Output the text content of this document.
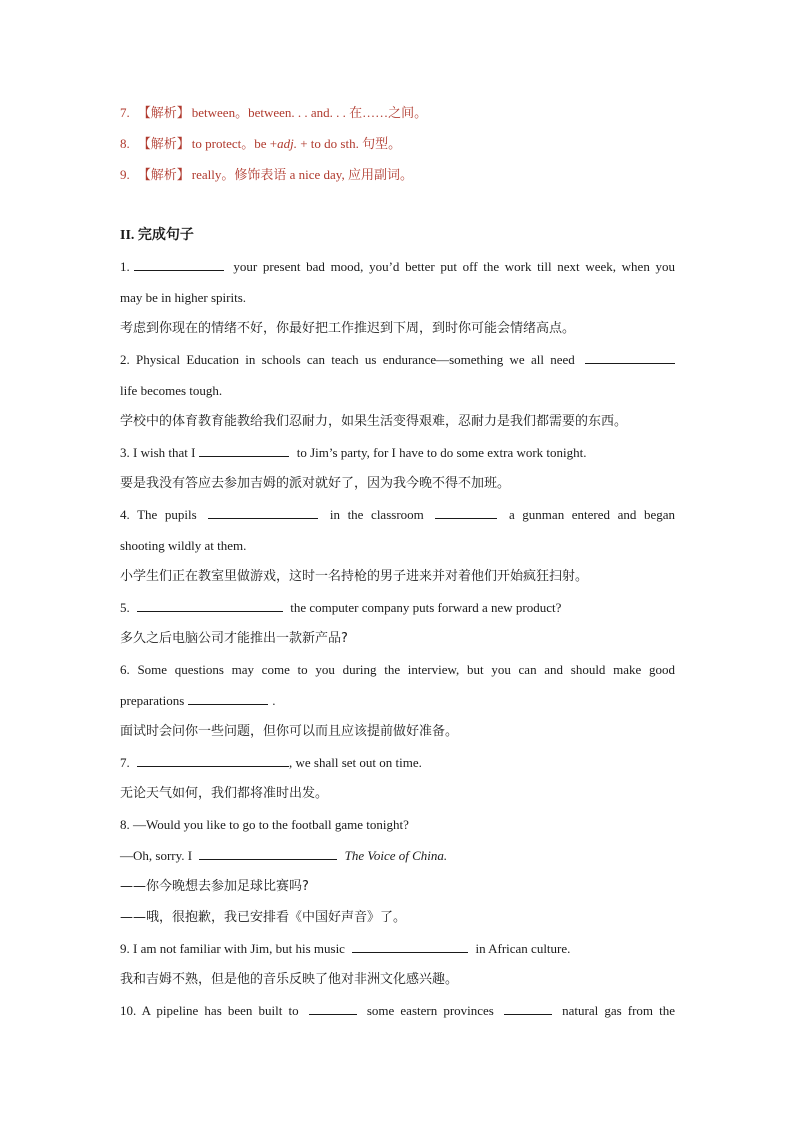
7. 【解析】 between。between. . . and. . . 在……之间。
8. 【解析】 to protect。be +adj. + to do sth. 句型。
9. 【解析】 really。修饰表语 a nice day, 应用副词。
II. 完成句子
1.	your present bad mood, you’d better put off the work till next week, when you
may be in higher spirits.
考虑到你现在的情绪不好，你最好把工作推迟到下周，到时你可能会情绪高点。
2. Physical Education in schools can teach us endurance—something we all need
life becomes tough.
学校中的体育教育能教给我们忍耐力，如果生活变得艰难，忍耐力是我们都需要的东西。
3. I wish that I	to Jim’s party, for I have to do some extra work tonight.
要是我没有答应去参加吉姆的派对就好了，因为我今晚不得不加班。
4. The pupils	in the classroom	a gunman entered and began
shooting wildly at them.
小学生们正在教室里做游戏，这时一名持枪的男子进来并对着他们开始疯狂扫射。
5.	the computer company puts forward a new product?
多久之后电脑公司才能推出一款新产品?
6. Some questions may come to you during the interview, but you can and should make good
preparations	.
面试时会问你一些问题，但你可以而且应该提前做好准备。
7.	, we shall set out on time.
无论天气如何，我们都将准时出发。
8. —Would you like to go to the football game tonight?
—Oh, sorry. I	The Voice of China.
——你今晚想去参加足球比赛吗?
——哦，很抱歉，我已安排看《中国好声音》了。
9. I am not familiar with Jim, but his music	in African culture.
我和吉姆不熟，但是他的音乐反映了他对非洲文化感兴趣。
10. A pipeline has been built to	some eastern provinces	natural gas from the
